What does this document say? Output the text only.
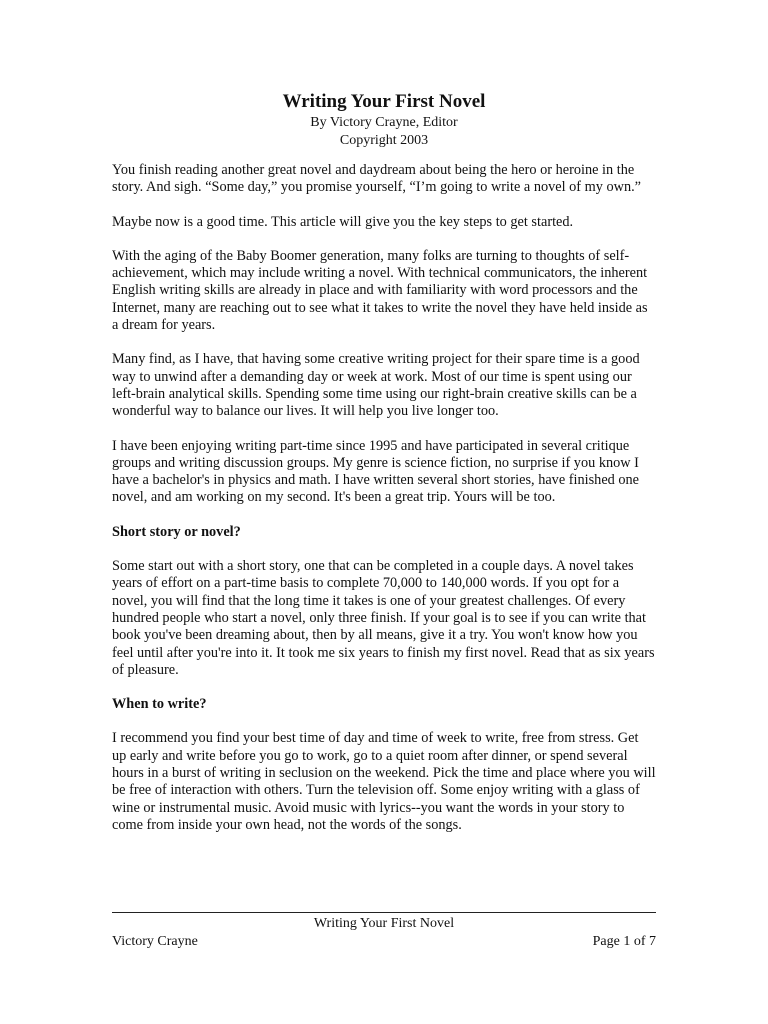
Writing Your First Novel

By Victory Crayne, Editor

Copyright 2003

You finish reading another great novel and daydream about being the hero or heroine in the story. And sigh. “Some day,” you promise yourself, “I’m going to write a novel of my own.”

Maybe now is a good time. This article will give you the key steps to get started.

With the aging of the Baby Boomer generation, many folks are turning to thoughts of self-achievement, which may include writing a novel. With technical communicators, the inherent English writing skills are already in place and with familiarity with word processors and the Internet, many are reaching out to see what it takes to write the novel they have held inside as a dream for years.

Many find, as I have, that having some creative writing project for their spare time is a good way to unwind after a demanding day or week at work. Most of our time is spent using our left-brain analytical skills. Spending some time using our right-brain creative skills can be a wonderful way to balance our lives. It will help you live longer too.

I have been enjoying writing part-time since 1995 and have participated in several critique groups and writing discussion groups. My genre is science fiction, no surprise if you know I have a bachelor's in physics and math. I have written several short stories, have finished one novel, and am working on my second. It's been a great trip. Yours will be too.

Short story or novel?

Some start out with a short story, one that can be completed in a couple days. A novel takes years of effort on a part-time basis to complete 70,000 to 140,000 words. If you opt for a novel, you will find that the long time it takes is one of your greatest challenges. Of every hundred people who start a novel, only three finish. If your goal is to see if you can write that book you've been dreaming about, then by all means, give it a try. You won't know how you feel until after you're into it. It took me six years to finish my first novel. Read that as six years of pleasure.

When to write?

I recommend you find your best time of day and time of week to write, free from stress. Get up early and write before you go to work, go to a quiet room after dinner, or spend several hours in a burst of writing in seclusion on the weekend. Pick the time and place where you will be free of interaction with others. Turn the television off. Some enjoy writing with a glass of wine or instrumental music. Avoid music with lyrics--you want the words in your story to come from inside your own head, not the words of the songs.

Writing Your First Novel
Victory Crayne	Page 1 of 7
